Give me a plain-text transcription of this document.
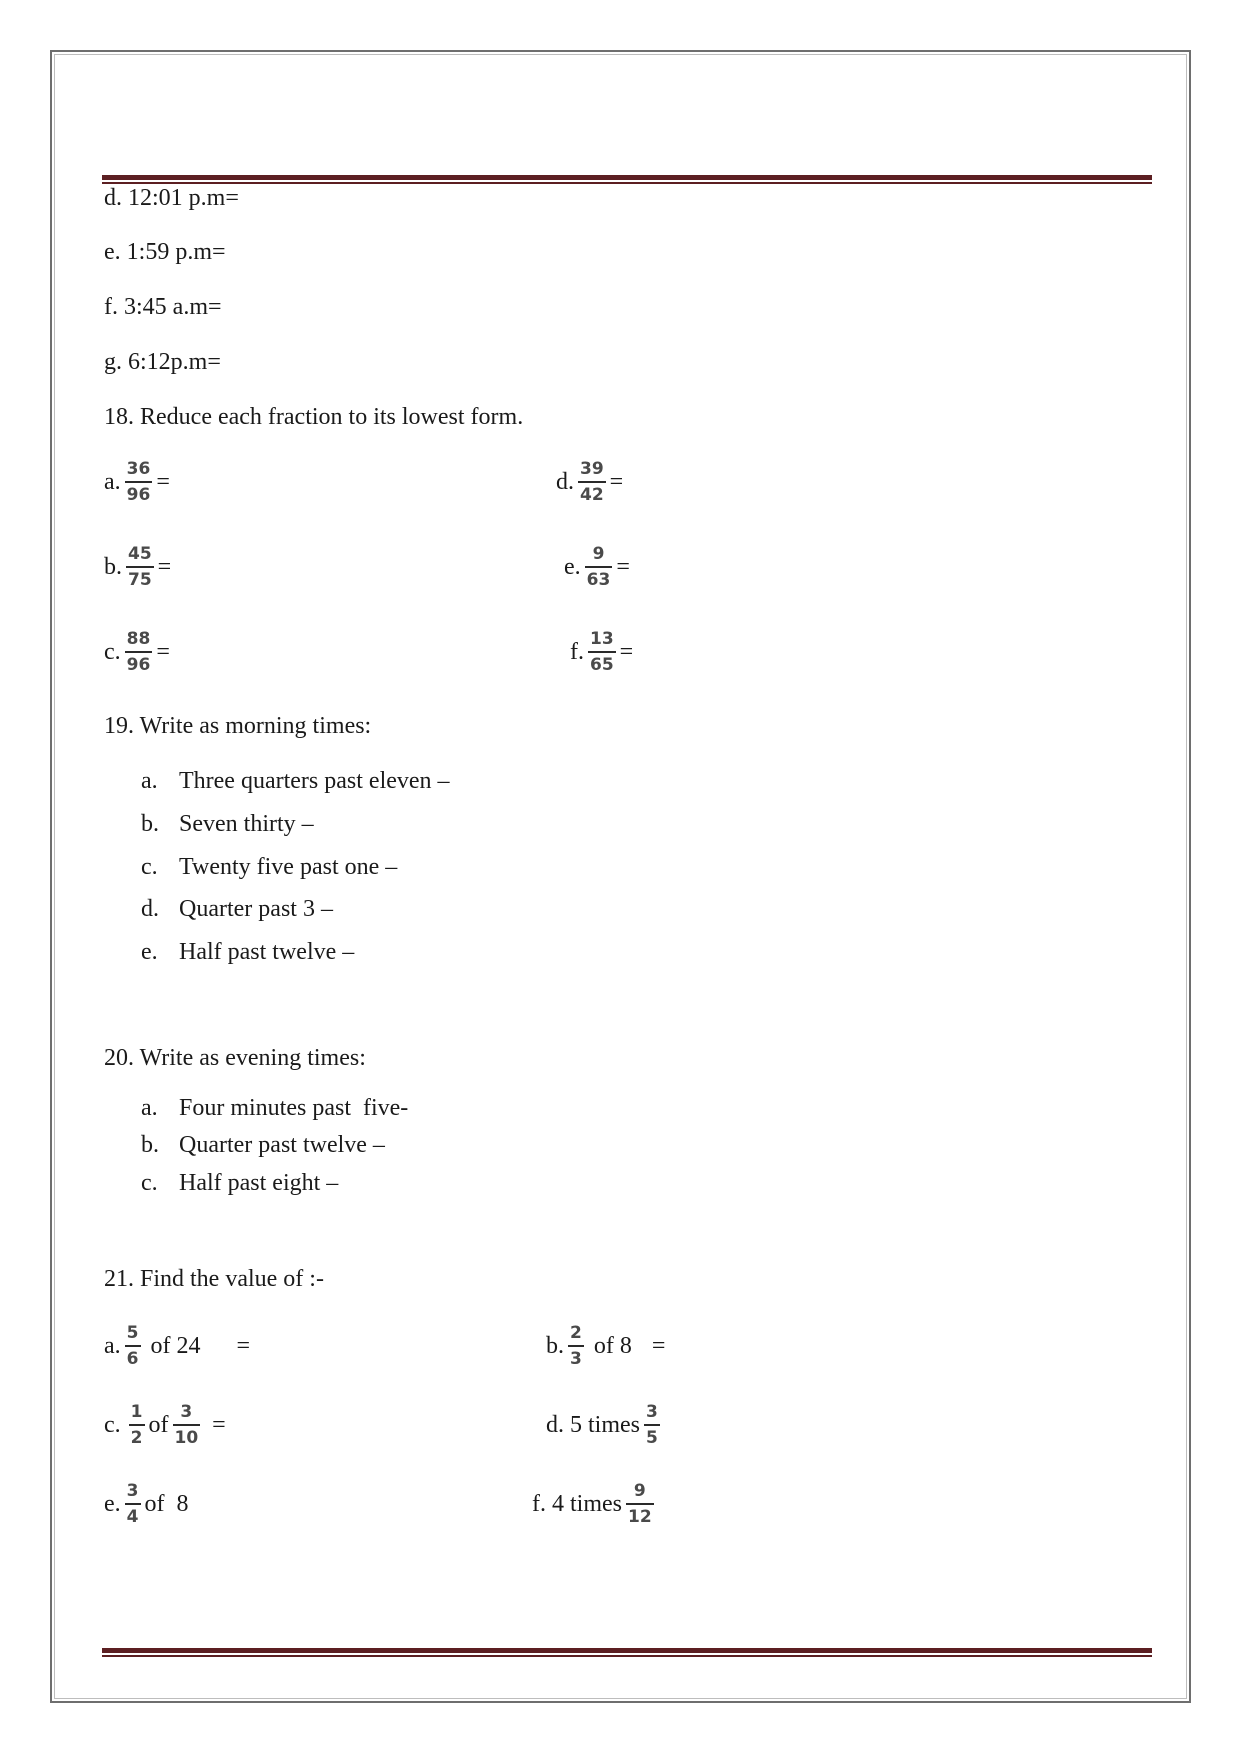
d. 12:01 p.m=
e. 1:59 p.m=
f. 3:45 a.m=
g. 6:12p.m=
18. Reduce each fraction to its lowest form.
a. $\frac{36}{96}$ =	d. $\frac{39}{42}$ =
b. $\frac{45}{75}$ =	e. $\frac{9}{63}$ =
c. $\frac{88}{96}$ =	f. $\frac{13}{65}$ =
19. Write as morning times:
a. Three quarters past eleven –
b. Seven thirty –
c. Twenty five past one –
d. Quarter past 3 –
e. Half past twelve –
20. Write as evening times:
a. Four minutes past  five-
b. Quarter past twelve –
c. Half past eight –
21. Find the value of :-
a. $\frac{5}{6}$ of 24 =	b. $\frac{2}{3}$ of 8 =
c. $\frac{1}{2}$ of $\frac{3}{10}$ =	d. 5 times $\frac{3}{5}$
e. $\frac{3}{4}$ of  8	f. 4 times $\frac{9}{12}$
